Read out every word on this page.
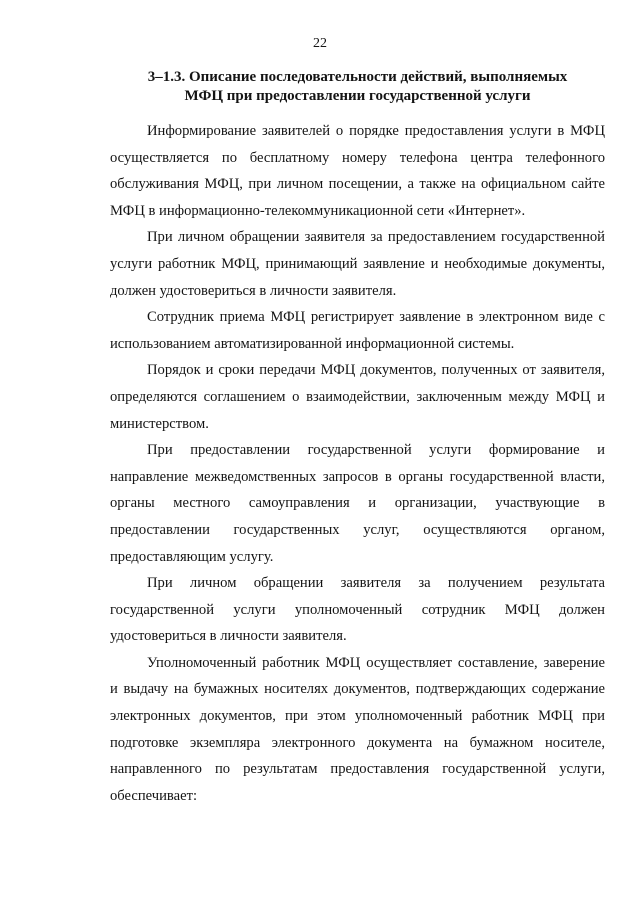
22
3–1.3. Описание последовательности действий, выполняемых
МФЦ при предоставлении государственной услуги

Информирование заявителей о порядке предоставления услуги в МФЦ осуществляется по бесплатному номеру телефона центра телефонного обслуживания МФЦ, при личном посещении, а также на официальном сайте МФЦ в информационно-телекоммуникационной сети «Интернет».

При личном обращении заявителя за предоставлением государственной услуги работник МФЦ, принимающий заявление и необходимые документы, должен удостовериться в личности заявителя.

Сотрудник приема МФЦ регистрирует заявление в электронном виде с использованием автоматизированной информационной системы.

Порядок и сроки передачи МФЦ документов, полученных от заявителя, определяются соглашением о взаимодействии, заключенным между МФЦ и министерством.

При предоставлении государственной услуги формирование и направление межведомственных запросов в органы государственной власти, органы местного самоуправления и организации, участвующие в предоставлении государственных услуг, осуществляются органом, предоставляющим услугу.

При личном обращении заявителя за получением результата государственной услуги уполномоченный сотрудник МФЦ должен удостовериться в личности заявителя.

Уполномоченный работник МФЦ осуществляет составление, заверение и выдачу на бумажных носителях документов, подтверждающих содержание электронных документов, при этом уполномоченный работник МФЦ при подготовке экземпляра электронного документа на бумажном носителе, направленного по результатам предоставления государственной услуги, обеспечивает:
